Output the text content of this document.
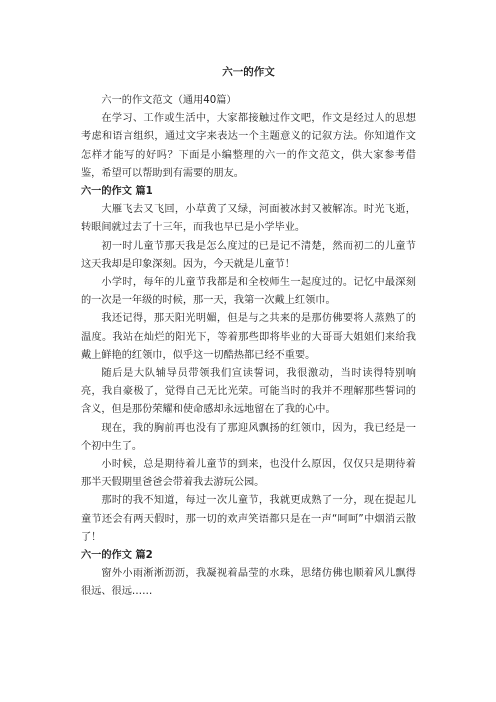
六一的作文

六一的作文范文（通用40篇）

在学习、工作或生活中，大家都接触过作文吧，作文是经过人的思想考虑和语言组织，通过文字来表达一个主题意义的记叙方法。你知道作文怎样才能写的好吗？下面是小编整理的六一的作文范文，供大家参考借鉴，希望可以帮助到有需要的朋友。

六一的作文 篇1

大雁飞去又飞回，小草黄了又绿，河面被冰封又被解冻。时光飞逝，转眼间就过去了十三年，而我也早已是小学毕业。

初一时儿童节那天我是怎么度过的已是记不清楚，然而初二的儿童节这天我却是印象深刻。因为，今天就是儿童节！

小学时，每年的儿童节我都是和全校师生一起度过的。记忆中最深刻的一次是一年级的时候，那一天，我第一次戴上红领巾。

我还记得，那天阳光明媚，但是与之共来的是那仿佛要将人蒸熟了的温度。我站在灿烂的阳光下，等着那些即将毕业的大哥哥大姐姐们来给我戴上鲜艳的红领巾，似乎这一切酷热都已经不重要。

随后是大队辅导员带领我们宣读誓词，我很激动，当时读得特别响亮，我自豪极了，觉得自己无比光荣。可能当时的我并不理解那些誓词的含义，但是那份荣耀和使命感却永远地留在了我的心中。

现在，我的胸前再也没有了那迎风飘扬的红领巾，因为，我已经是一个初中生了。

小时候，总是期待着儿童节的到来，也没什么原因，仅仅只是期待着那半天假期里爸爸会带着我去游玩公园。

那时的我不知道，每过一次儿童节，我就更成熟了一分，现在提起儿童节还会有两天假时，那一切的欢声笑语都只是在一声“呵呵”中烟消云散了！

六一的作文 篇2

窗外小雨淅淅沥沥，我凝视着晶莹的水珠，思绪仿佛也顺着风儿飘得很远、很远……
